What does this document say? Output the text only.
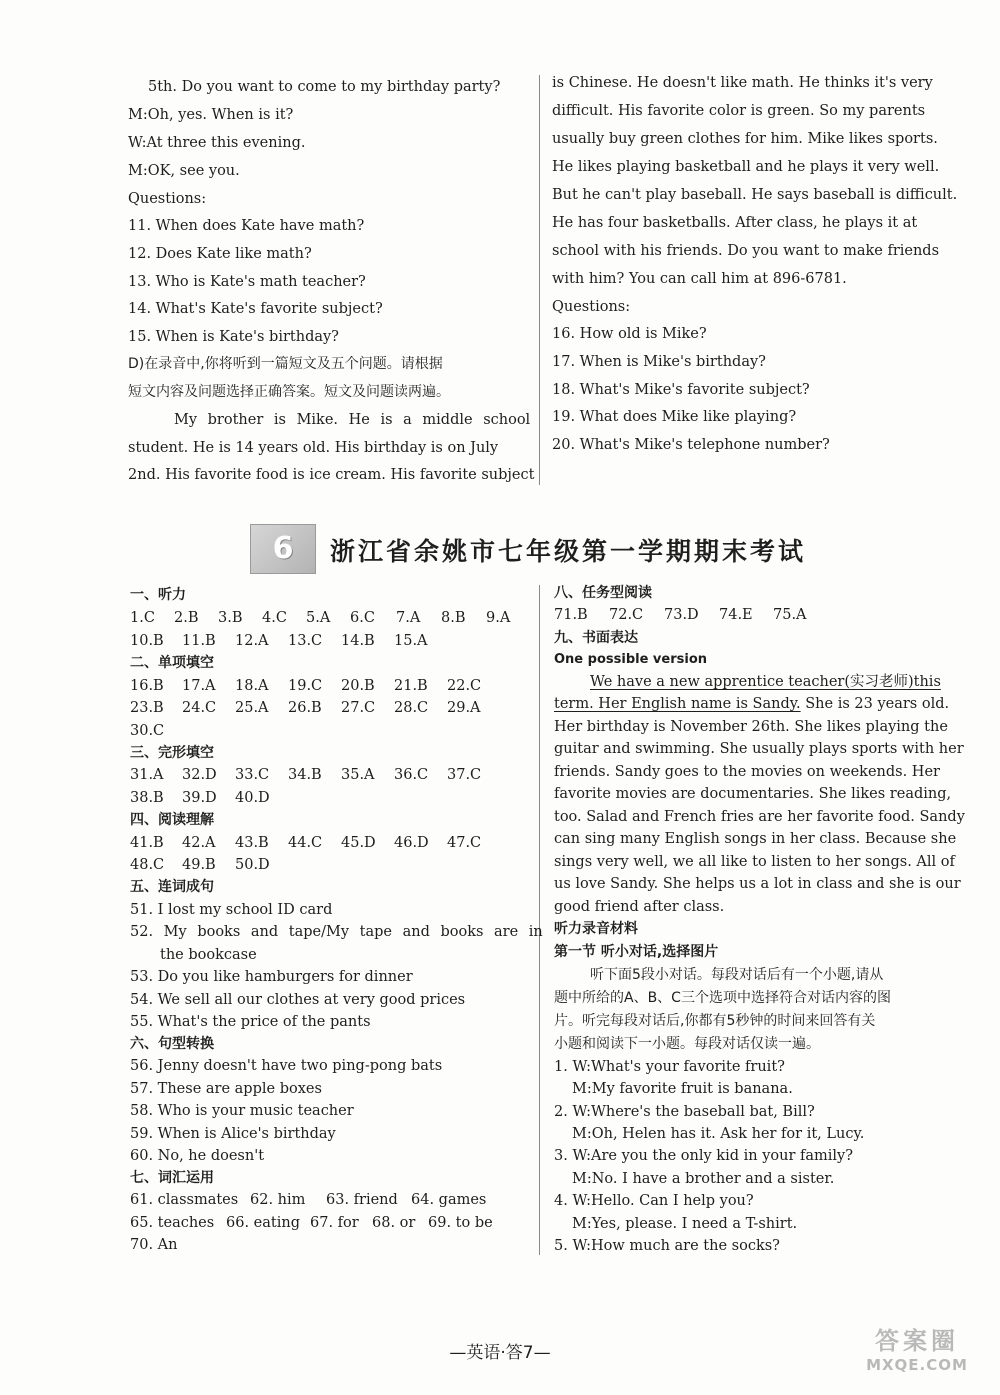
5th. Do you want to come to my birthday party?
M:Oh, yes. When is it?
W:At three this evening.
M:OK, see you.
Questions:
11. When does Kate have math?
12. Does Kate like math?
13. Who is Kate's math teacher?
14. What's Kate's favorite subject?
15. When is Kate's birthday?
D)在录音中,你将听到一篇短文及五个问题。请根据
短文内容及问题选择正确答案。短文及问题读两遍。
My brother is Mike. He is a middle school
student. He is 14 years old. His birthday is on July
2nd. His favorite food is ice cream. His favorite subject
is Chinese. He doesn't like math. He thinks it's very
difficult. His favorite color is green. So my parents
usually buy green clothes for him. Mike likes sports.
He likes playing basketball and he plays it very well.
But he can't play baseball. He says baseball is difficult.
He has four basketballs. After class, he plays it at
school with his friends. Do you want to make friends
with him? You can call him at 896-6781.
Questions:
16. How old is Mike?
17. When is Mike's birthday?
18. What's Mike's favorite subject?
19. What does Mike like playing?
20. What's Mike's telephone number?
6	浙江省余姚市七年级第一学期期末考试
一、听力
1.C 2.B 3.B 4.C 5.A 6.C 7.A 8.B 9.A
10.B 11.B 12.A 13.C 14.B 15.A
二、单项填空
16.B 17.A 18.A 19.C 20.B 21.B 22.C
23.B 24.C 25.A 26.B 27.C 28.C 29.A
30.C
三、完形填空
31.A 32.D 33.C 34.B 35.A 36.C 37.C
38.B 39.D 40.D
四、阅读理解
41.B 42.A 43.B 44.C 45.D 46.D 47.C
48.C 49.B 50.D
五、连词成句
51. I lost my school ID card
52. My books and tape/My tape and books are in
the bookcase
53. Do you like hamburgers for dinner
54. We sell all our clothes at very good prices
55. What's the price of the pants
六、句型转换
56. Jenny doesn't have two ping-pong bats
57. These are apple boxes
58. Who is your music teacher
59. When is Alice's birthday
60. No, he doesn't
七、词汇运用
61. classmates 62. him 63. friend 64. games
65. teaches 66. eating 67. for 68. or 69. to be
70. An
八、任务型阅读
71.B 72.C 73.D 74.E 75.A
九、书面表达
One possible version
We have a new apprentice teacher(实习老师)this
term. Her English name is Sandy. She is 23 years old.
Her birthday is November 26th. She likes playing the
guitar and swimming. She usually plays sports with her
friends. Sandy goes to the movies on weekends. Her
favorite movies are documentaries. She likes reading,
too. Salad and French fries are her favorite food. Sandy
can sing many English songs in her class. Because she
sings very well, we all like to listen to her songs. All of
us love Sandy. She helps us a lot in class and she is our
good friend after class.
听力录音材料
第一节 听小对话,选择图片
听下面5段小对话。每段对话后有一个小题,请从
题中所给的A、B、C三个选项中选择符合对话内容的图
片。听完每段对话后,你都有5秒钟的时间来回答有关
小题和阅读下一小题。每段对话仅读一遍。
1. W:What's your favorite fruit?
M:My favorite fruit is banana.
2. W:Where's the baseball bat, Bill?
M:Oh, Helen has it. Ask her for it, Lucy.
3. W:Are you the only kid in your family?
M:No. I have a brother and a sister.
4. W:Hello. Can I help you?
M:Yes, please. I need a T-shirt.
5. W:How much are the socks?
—英语·答7—	答案圈
MXQE.COM
